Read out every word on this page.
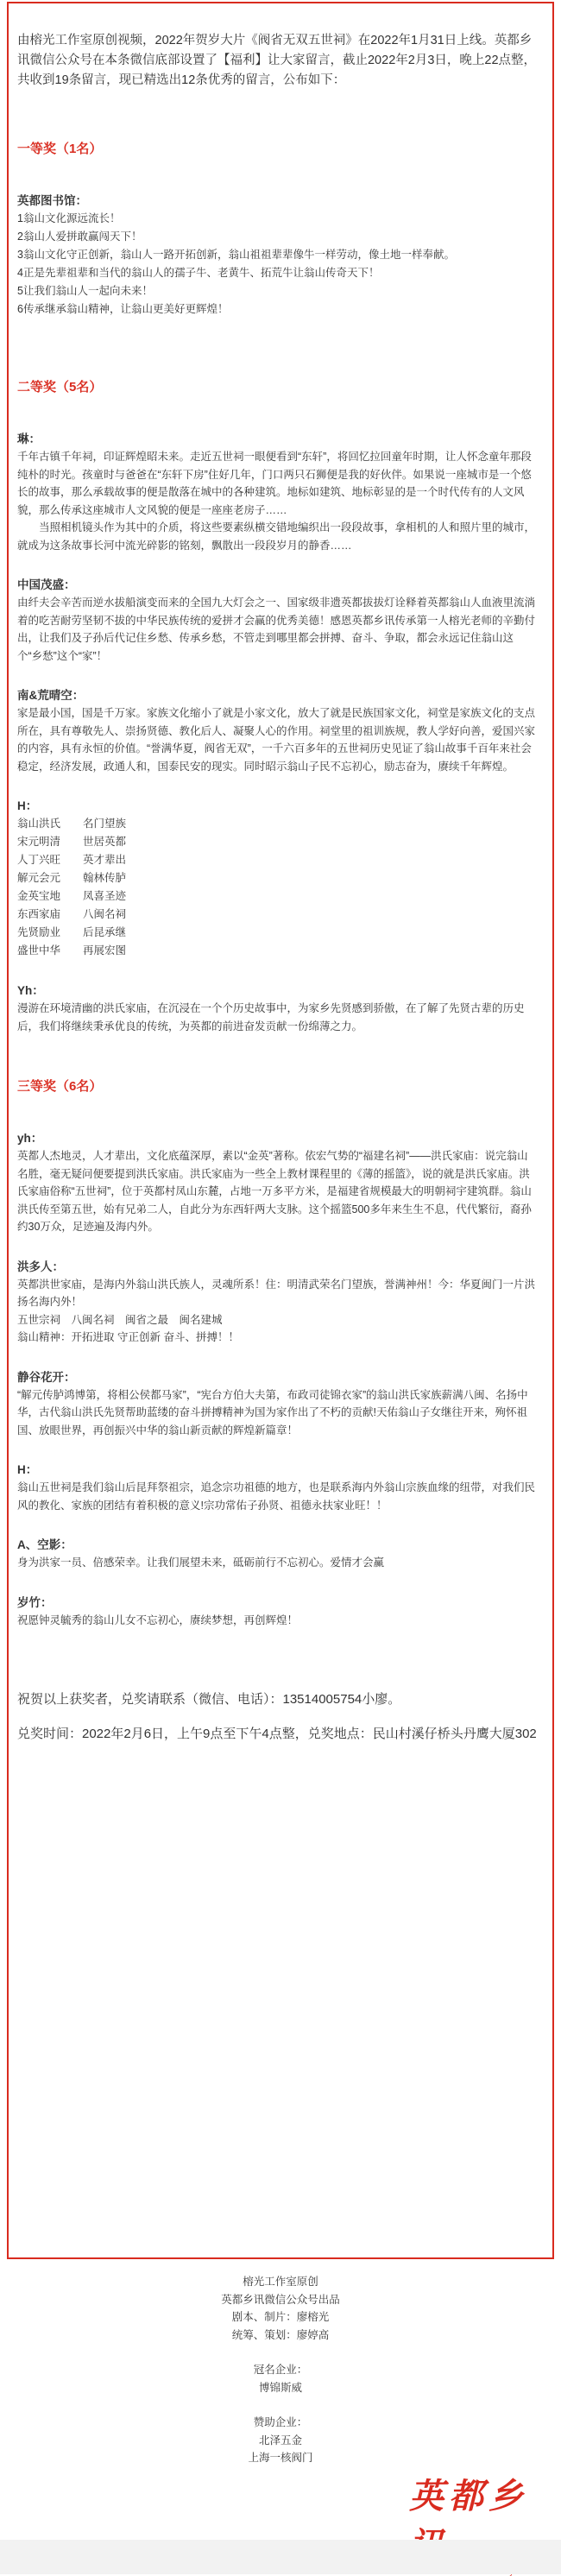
由榕光工作室原创视频，2022年贺岁大片《阀省无双五世祠》在2022年1月31日上线。英都乡讯微信公众号在本条微信底部设置了【福利】让大家留言，截止2022年2月3日，晚上22点整，共收到19条留言，现已精选出12条优秀的留言，公布如下：

一等奖（1名）
英都图书馆：
1翁山文化源远流长！
2翁山人爱拼敢赢闯天下！
3翁山文化守正创新，翁山人一路开拓创新，翁山祖祖辈辈像牛一样劳动，像土地一样奉献。
4正是先辈祖辈和当代的翁山人的孺子牛、老黄牛、拓荒牛让翁山传奇天下！
5让我们翁山人一起向未来！
6传承继承翁山精神，让翁山更美好更辉煌！
二等奖（5名）
琳：

千年古镇千年祠，印证辉煌昭未来。走近五世祠一眼便看到“东轩”，将回忆拉回童年时期，让人怀念童年那段纯朴的时光。孩童时与爸爸在“东轩下房”住好几年，门口两只石狮便是我的好伙伴。如果说一座城市是一个悠长的故事，那么承载故事的便是散落在城中的各种建筑。地标如建筑、地标彰显的是一个时代传有的人文风貌，那么传承这座城市人文风貌的便是一座座老房子……

当照相机镜头作为其中的介质，将这些要素纵横交错地编织出一段段故事，拿相机的人和照片里的城市，就成为这条故事长河中流光碎影的铭刻，飘散出一段段岁月的静香……

中国茂盛：

由纤夫会辛苦而逆水拔船演变而来的全国九大灯会之一、国家级非遗英都拔拔灯诠释着英都翁山人血液里流淌着的吃苦耐劳坚韧不拔的中华民族传统的爱拼才会赢的优秀美德！感恩英都乡讯传承第一人榕光老师的辛勤付出，让我们及子孙后代记住乡愁、传承乡愁，不管走到哪里都会拼搏、奋斗、争取，都会永远记住翁山这个“乡愁”这个“家”！

南&荒晴空：

家是最小国，国是千万家。家族文化缩小了就是小家文化，放大了就是民族国家文化，祠堂是家族文化的支点所在，具有尊敬先人、崇扬贤德、教化后人、凝聚人心的作用。祠堂里的祖训族规，教人学好向善，爱国兴家的内容，具有永恒的价值。“誉满华夏，阀省无双”，一千六百多年的五世祠历史见证了翁山故事千百年来社会稳定，经济发展，政通人和，国泰民安的现实。同时昭示翁山子民不忘初心，励志奋为，赓续千年辉煌。

H：
翁山洪氏	名门望族
宋元明清	世居英都
人丁兴旺	英才辈出
解元会元	翰林传胪
金英宝地	凤喜圣迹
东西家庙	八闽名祠
先贤励业	后昆承继
盛世中华	再展宏图
Yh：

漫游在环境清幽的洪氏家庙，在沉浸在一个个历史故事中，为家乡先贤感到骄傲，在了解了先贤古辈的历史后，我们将继续秉承优良的传统，为英都的前进奋发贡献一份绵薄之力。

三等奖（6名）
yh：

英都人杰地灵，人才辈出，文化底蕴深厚，素以“金英”著称。依宏气势的“福建名祠”——洪氏家庙：说完翁山名胜，毫无疑问便要提到洪氏家庙。洪氏家庙为一些全上教材课程里的《薄的摇篮》，说的就是洪氏家庙。洪氏家庙俗称“五世祠”，位于英都村凤山东麓，占地一万多平方米，是福建省规模最大的明朝祠宇建筑群。翁山洪氏传至第五世，始有兄弟二人，自此分为东西轩两大支脉。这个摇篮500多年来生生不息，代代繁衍，裔孙约30万众，足迹遍及海内外。

洪多人：

英都洪世家庙，是海内外翁山洪氏族人，灵魂所系！住：明清武荣名门望族，誉满神州！今：华夏闽门一片洪 扬名海内外！
五世宗祠　八闽名祠　闽省之最　闽名建城
翁山精神：开拓进取 守正创新 奋斗、拼搏！！

静谷花开：

“解元传胪鸿博第，将相公侯都马家”，“宪台方伯大夫第，布政司徒锦衣家”的翁山洪氏家族薪满八闽、名扬中华，古代翁山洪氏先贤帮助蓝缕的奋斗拼搏精神为国为家作出了不朽的贡献!天佑翁山子女继往开来，殉怀祖国、放眼世界，再创振兴中华的翁山新贡献的辉煌新篇章！

H：

翁山五世祠是我们翁山后昆拜祭祖宗，追念宗功祖德的地方，也是联系海内外翁山宗族血缘的纽带，对我们民风的教化、家族的团结有着积极的意义!宗功常佑子孙贤、祖德永扶家业旺！！

A、空影：

身为洪家一员、倍感荣幸。让我们展望未来，砥砺前行不忘初心。爱情才会赢

岁竹：

祝愿钟灵毓秀的翁山儿女不忘初心，赓续梦想，再创辉煌！

祝贺以上获奖者，兑奖请联系（微信、电话）：13514005754小廖。

兑奖时间：2022年2月6日，上午9点至下午4点整，兑奖地点：民山村溪仔桥头丹鹰大厦302

榕光工作室原创
英都乡讯微信公众号出品
剧本、制片：廖榕光
统筹、策划：廖婷高
冠名企业：
博锦斯威
赞助企业：
北泽五金
上海一核阀门
英都乡
